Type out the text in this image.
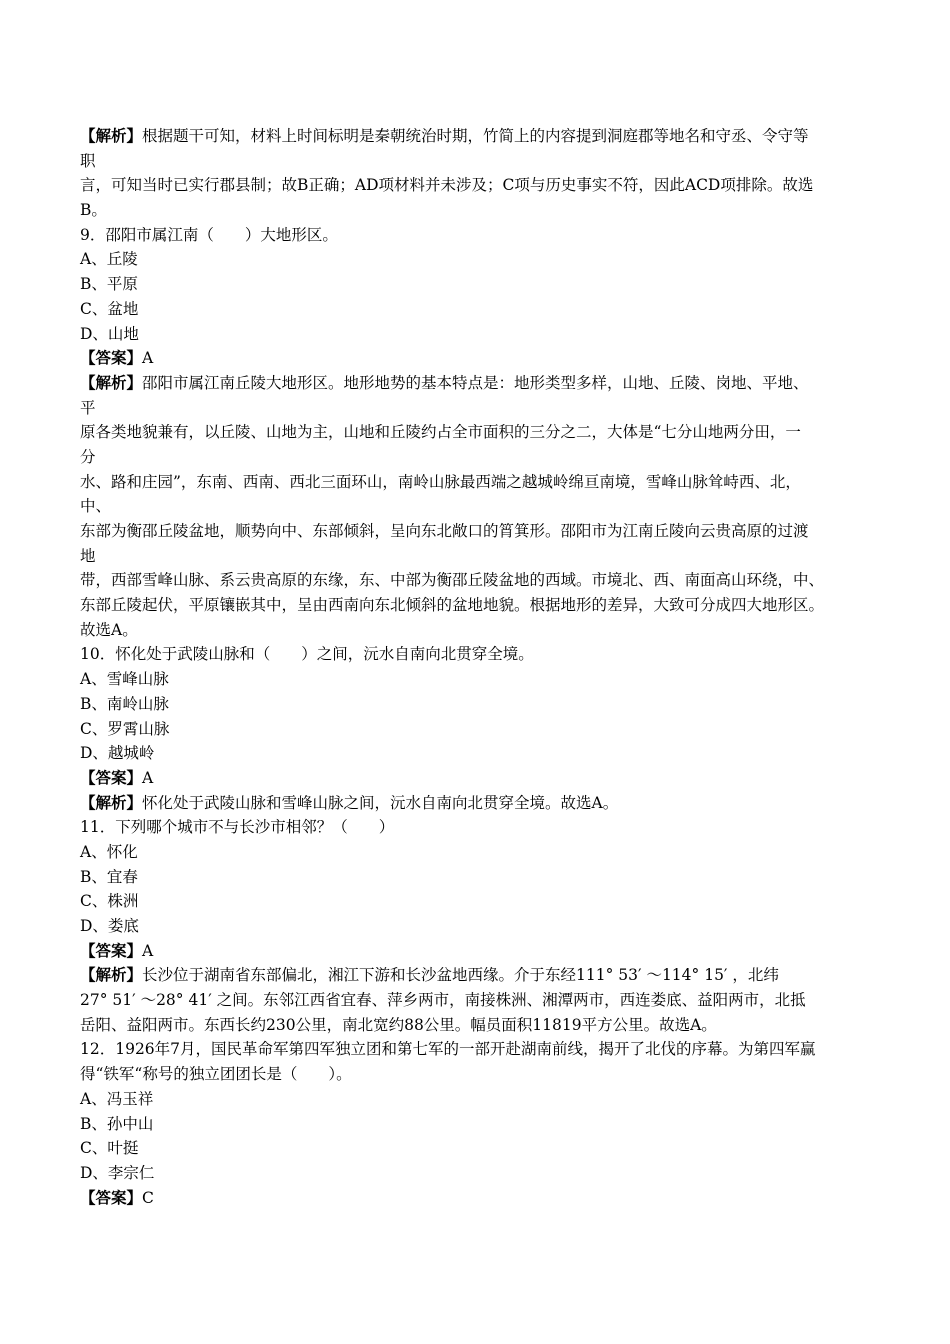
【解析】根据题干可知，材料上时间标明是秦朝统治时期，竹简上的内容提到洞庭郡等地名和守丞、令守等
职
言，可知当时已实行郡县制；故B正确；AD项材料并未涉及；C项与历史事实不符，因此ACD项排除。故选
B。
9．邵阳市属江南（　　）大地形区。
A、丘陵
B、平原
C、盆地
D、山地
【答案】A
【解析】邵阳市属江南丘陵大地形区。地形地势的基本特点是：地形类型多样，山地、丘陵、岗地、平地、
平
原各类地貌兼有，以丘陵、山地为主，山地和丘陵约占全市面积的三分之二，大体是“七分山地两分田，一
分
水、路和庄园”，东南、西南、西北三面环山，南岭山脉最西端之越城岭绵亘南境，雪峰山脉耸峙西、北，
中、
东部为衡邵丘陵盆地，顺势向中、东部倾斜，呈向东北敞口的筲箕形。邵阳市为江南丘陵向云贵高原的过渡
地
带，西部雪峰山脉、系云贵高原的东缘，东、中部为衡邵丘陵盆地的西域。市境北、西、南面高山环绕，中、
东部丘陵起伏，平原镶嵌其中，呈由西南向东北倾斜的盆地地貌。根据地形的差异，大致可分成四大地形区。
故选A。
10．怀化处于武陵山脉和（　　）之间，沅水自南向北贯穿全境。
A、雪峰山脉
B、南岭山脉
C、罗霄山脉
D、越城岭
【答案】A
【解析】怀化处于武陵山脉和雪峰山脉之间，沅水自南向北贯穿全境。故选A。
11．下列哪个城市不与长沙市相邻？（　　）
A、怀化
B、宜春
C、株洲
D、娄底
【答案】A
【解析】长沙位于湖南省东部偏北，湘江下游和长沙盆地西缘。介于东经111° 53′ ～114° 15′ ，北纬
27° 51′ ～28° 41′ 之间。东邻江西省宜春、萍乡两市，南接株洲、湘潭两市，西连娄底、益阳两市，北抵
岳阳、益阳两市。东西长约230公里，南北宽约88公里。幅员面积11819平方公里。故选A。
12．1926年7月，国民革命军第四军独立团和第七军的一部开赴湖南前线，揭开了北伐的序幕。为第四军赢
得“铁军“称号的独立团团长是（　　）。
A、冯玉祥
B、孙中山
C、叶挺
D、李宗仁
【答案】C
